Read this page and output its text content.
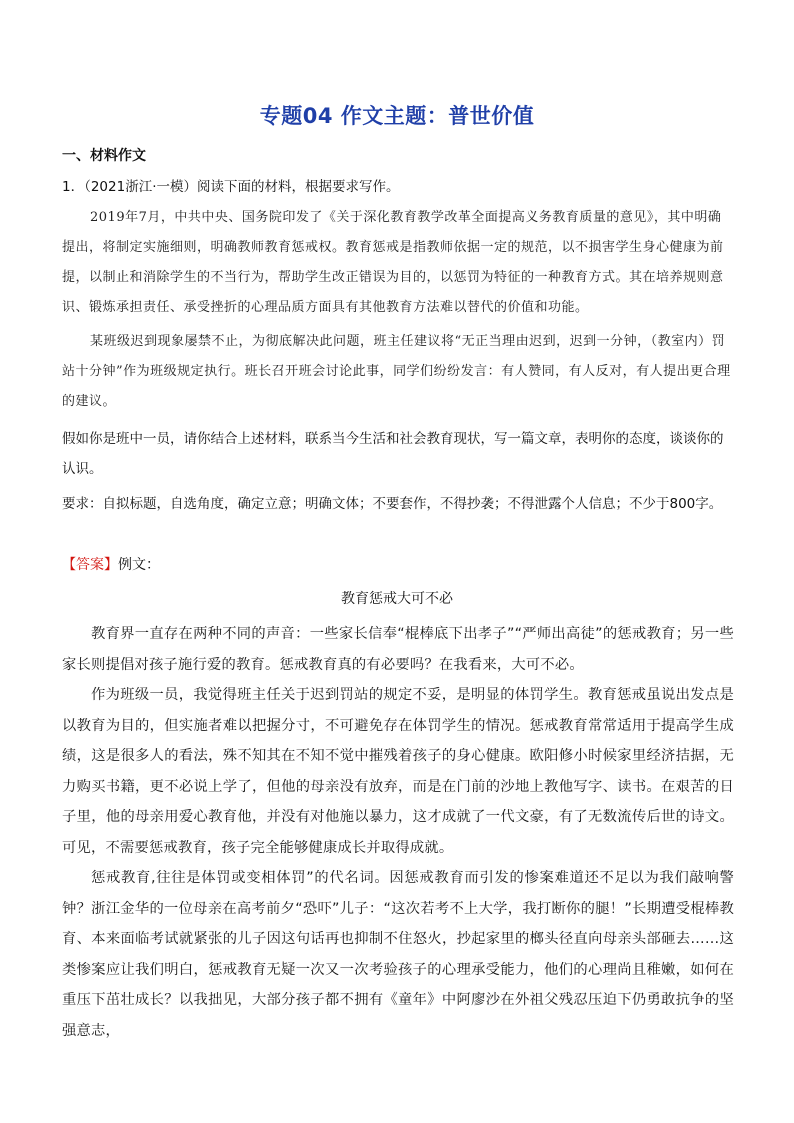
专题04 作文主题：普世价值
一、材料作文
1．（2021浙江·一模）阅读下面的材料，根据要求写作。

2019年7月，中共中央、国务院印发了《关于深化教育教学改革全面提高义务教育质量的意见》，其中明确提出，将制定实施细则，明确教师教育惩戒权。教育惩戒是指教师依据一定的规范，以不损害学生身心健康为前提，以制止和消除学生的不当行为，帮助学生改正错误为目的，以惩罚为特征的一种教育方式。其在培养规则意识、锻炼承担责任、承受挫折的心理品质方面具有其他教育方法难以替代的价值和功能。

某班级迟到现象屡禁不止，为彻底解决此问题，班主任建议将“无正当理由迟到，迟到一分钟，（教室内）罚站十分钟”作为班级规定执行。班长召开班会讨论此事，同学们纷纷发言：有人赞同，有人反对，有人提出更合理的建议。

假如你是班中一员，请你结合上述材料，联系当今生活和社会教育现状，写一篇文章，表明你的态度，谈谈你的认识。
要求：自拟标题，自选角度，确定立意；明确文体；不要套作，不得抄袭；不得泄露个人信息；不少于800字。
【答案】例文：
教育惩戒大可不必

教育界一直存在两种不同的声音：一些家长信奉“棍棒底下出孝子”“严师出高徒”的惩戒教育；另一些家长则提倡对孩子施行爱的教育。惩戒教育真的有必要吗？在我看来，大可不必。

作为班级一员，我觉得班主任关于迟到罚站的规定不妥，是明显的体罚学生。教育惩戒虽说出发点是以教育为目的，但实施者难以把握分寸，不可避免存在体罚学生的情况。惩戒教育常常适用于提高学生成绩，这是很多人的看法，殊不知其在不知不觉中摧残着孩子的身心健康。欧阳修小时候家里经济拮据，无力购买书籍，更不必说上学了，但他的母亲没有放弃，而是在门前的沙地上教他写字、读书。在艰苦的日子里，他的母亲用爱心教育他，并没有对他施以暴力，这才成就了一代文豪，有了无数流传后世的诗文。可见，不需要惩戒教育，孩子完全能够健康成长并取得成就。

惩戒教育,往往是体罚或变相体罚”的代名词。因惩戒教育而引发的惨案难道还不足以为我们敲响警钟？浙江金华的一位母亲在高考前夕“恐吓”儿子：“这次若考不上大学，我打断你的腿！”长期遭受棍棒教育、本来面临考试就紧张的儿子因这句话再也抑制不住怒火，抄起家里的榔头径直向母亲头部砸去……这类惨案应让我们明白，惩戒教育无疑一次又一次考验孩子的心理承受能力，他们的心理尚且稚嫩，如何在重压下茁壮成长？以我拙见，大部分孩子都不拥有《童年》中阿廖沙在外祖父残忍压迫下仍勇敢抗争的坚强意志，
